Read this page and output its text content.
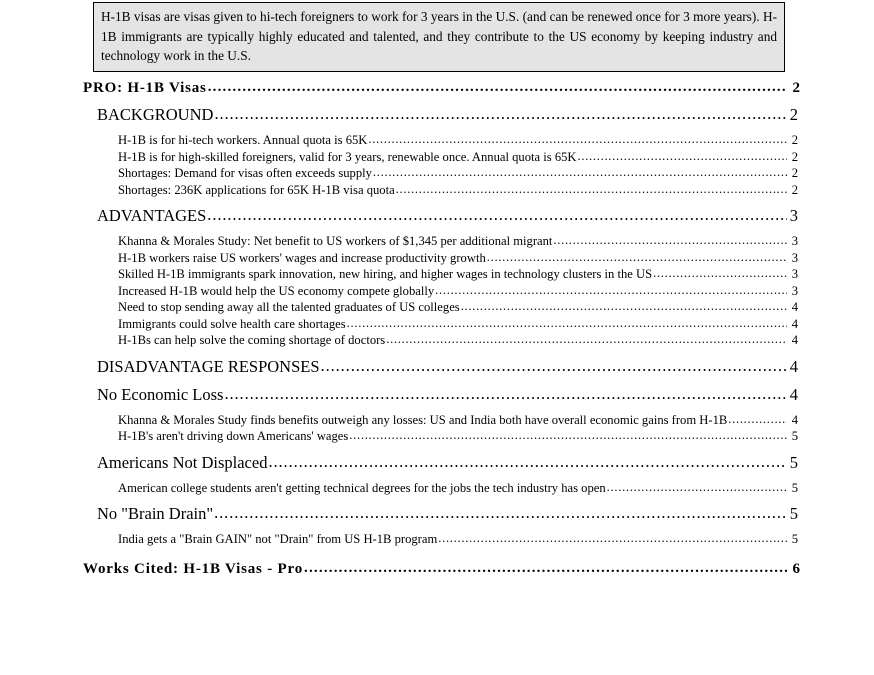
H-1B visas are visas given to hi-tech foreigners to work for 3 years in the U.S. (and can be renewed once for 3 more years). H-1B immigrants are typically highly educated and talented, and they contribute to the US economy by keeping industry and technology work in the U.S.
PRO: H-1B Visas .....	2
BACKGROUND .....	2
H-1B is for hi-tech workers. Annual quota is 65K .....	2
H-1B is for high-skilled foreigners, valid for 3 years, renewable once. Annual quota is 65K .....	2
Shortages: Demand for visas often exceeds supply .....	2
Shortages: 236K applications for 65K H-1B visa quota .....	2
ADVANTAGES .....	3
Khanna & Morales Study: Net benefit to US workers of $1,345 per additional migrant .....	3
H-1B workers raise US workers' wages and increase productivity growth .....	3
Skilled H-1B immigrants spark innovation, new hiring, and higher wages in technology clusters in the US .....	3
Increased H-1B would help the US economy compete globally .....	3
Need to stop sending away all the talented graduates of US colleges .....	4
Immigrants could solve health care shortages .....	4
H-1Bs can help solve the coming shortage of doctors .....	4
DISADVANTAGE RESPONSES .....	4
No Economic Loss .....	4
Khanna & Morales Study finds benefits outweigh any losses: US and India both have overall economic gains from H-1B .....	4
H-1B's aren't driving down Americans' wages .....	5
Americans Not Displaced .....	5
American college students aren't getting technical degrees for the jobs the tech industry has open .....	5
No "Brain Drain" .....	5
India gets a "Brain GAIN" not "Drain" from US H-1B program .....	5
Works Cited: H-1B Visas - Pro .....	6
